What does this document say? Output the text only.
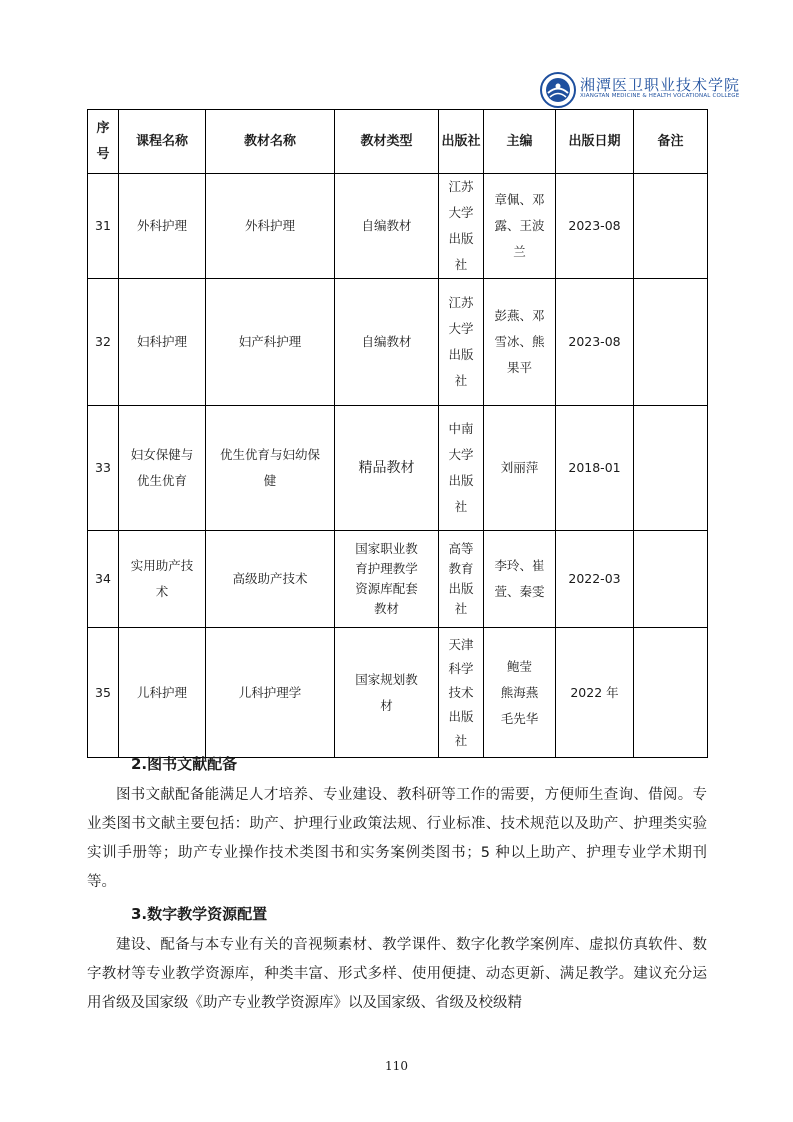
湘潭医卫职业技术学院
XIANGTAN MEDICINE & HEALTH VOCATIONAL COLLEGE
序号	课程名称	教材名称	教材类型	出版社	主编	出版日期	备注
31	外科护理	外科护理	自编教材	江苏
大学
出版
社	章佩、邓
露、王波
兰	2023-08	
32	妇科护理	妇产科护理	自编教材	江苏
大学
出版
社	彭燕、邓
雪冰、熊
果平	2023-08	
33	妇女保健与
优生优育	优生优育与妇幼保
健	精品教材	中南
大学
出版
社	刘丽萍	2018-01	
34	实用助产技
术	高级助产技术	国家职业教
育护理教学
资源库配套
教材	高等
教育
出版
社	李玲、崔
萱、秦雯	2022-03	
35	儿科护理	儿科护理学	国家规划教
材	天津
科学
技术
出版
社	鲍莹
熊海燕
毛先华	2022 年	
2.图书文献配备
图书文献配备能满足人才培养、专业建设、教科研等工作的需要，方便师生查询、借阅。专业类图书文献主要包括：助产、护理行业政策法规、行业标准、技术规范以及助产、护理类实验实训手册等；助产专业操作技术类图书和实务案例类图书；5 种以上助产、护理专业学术期刊等。
3.数字教学资源配置
建设、配备与本专业有关的音视频素材、教学课件、数字化教学案例库、虚拟仿真软件、数字教材等专业教学资源库，种类丰富、形式多样、使用便捷、动态更新、满足教学。建议充分运用省级及国家级《助产专业教学资源库》以及国家级、省级及校级精
110
